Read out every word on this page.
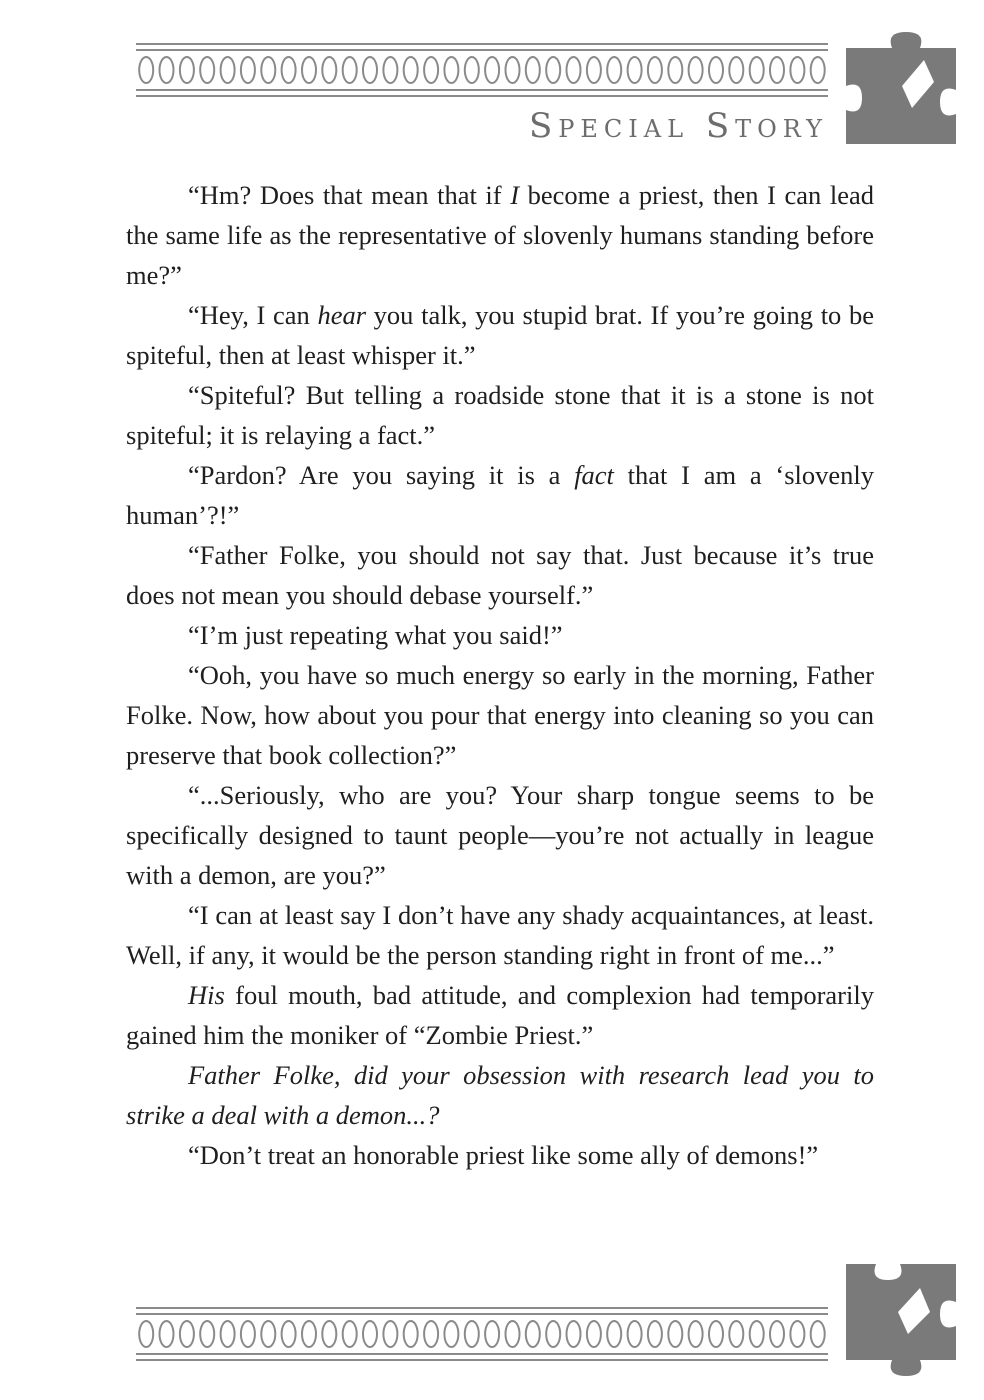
Special Story

“Hm? Does that mean that if I become a priest, then I can lead the same life as the representative of slovenly humans standing before me?”

“Hey, I can hear you talk, you stupid brat. If you’re going to be spiteful, then at least whisper it.”

“Spiteful? But telling a roadside stone that it is a stone is not spiteful; it is relaying a fact.”

“Pardon? Are you saying it is a fact that I am a ‘slovenly human’?!”

“Father Folke, you should not say that. Just because it’s true does not mean you should debase yourself.”

“I’m just repeating what you said!”

“Ooh, you have so much energy so early in the morning, Father Folke. Now, how about you pour that energy into cleaning so you can preserve that book collection?”

“...Seriously, who are you? Your sharp tongue seems to be specifically designed to taunt people—you’re not actually in league with a demon, are you?”

“I can at least say I don’t have any shady acquaintances, at least. Well, if any, it would be the person standing right in front of me...”

His foul mouth, bad attitude, and complexion had temporarily gained him the moniker of “Zombie Priest.”

Father Folke, did your obsession with research lead you to strike a deal with a demon...?

“Don’t treat an honorable priest like some ally of demons!”
